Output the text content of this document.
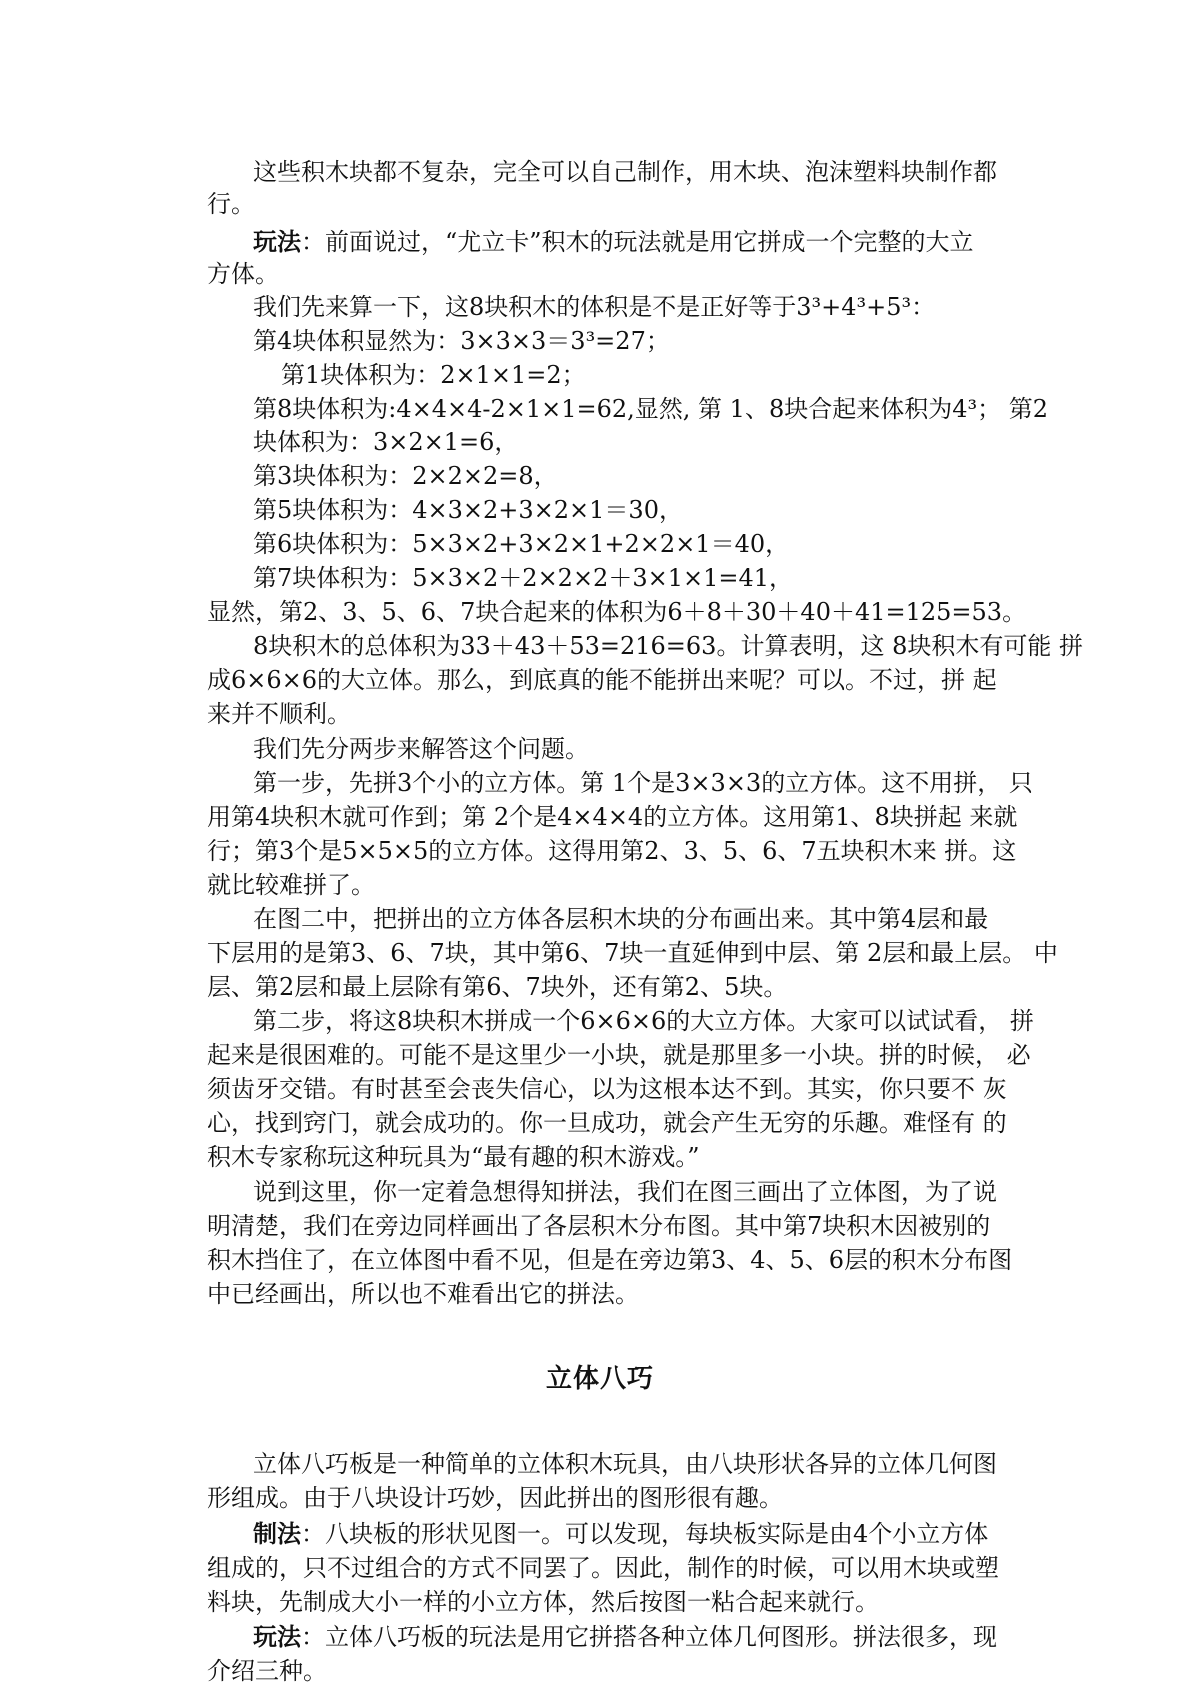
这些积木块都不复杂，完全可以自己制作，用木块、泡沫塑料块制作都
行。
玩法：前面说过，“尤立卡”积木的玩法就是用它拼成一个完整的大立
方体。
我们先来算一下，这8块积木的体积是不是正好等于3³+4³+5³：
第4块体积显然为：3×3×3＝3³=27；
第1块体积为：2×1×1=2；
第8块体积为:4×4×4-2×1×1=62,显然, 第 1、8块合起来体积为4³； 第2
块体积为：3×2×1=6，
第3块体积为：2×2×2=8，
第5块体积为：4×3×2+3×2×1＝30，
第6块体积为：5×3×2+3×2×1+2×2×1＝40，
第7块体积为：5×3×2＋2×2×2＋3×1×1=41，
显然，第2、3、5、6、7块合起来的体积为6＋8＋30＋40＋41=125=53。
8块积木的总体积为33＋43＋53=216=63。计算表明，这 8块积木有可能 拼
成6×6×6的大立体。那么，到底真的能不能拼出来呢？可以。不过，拼 起
来并不顺利。
我们先分两步来解答这个问题。
第一步，先拼3个小的立方体。第 1个是3×3×3的立方体。这不用拼， 只
用第4块积木就可作到；第 2个是4×4×4的立方体。这用第1、8块拼起 来就
行；第3个是5×5×5的立方体。这得用第2、3、5、6、7五块积木来 拼。这
就比较难拼了。
在图二中，把拼出的立方体各层积木块的分布画出来。其中第4层和最
下层用的是第3、6、7块，其中第6、7块一直延伸到中层、第 2层和最上层。 中
层、第2层和最上层除有第6、7块外，还有第2、5块。
第二步，将这8块积木拼成一个6×6×6的大立方体。大家可以试试看， 拼
起来是很困难的。可能不是这里少一小块，就是那里多一小块。拼的时候， 必
须齿牙交错。有时甚至会丧失信心，以为这根本达不到。其实，你只要不 灰
心，找到窍门，就会成功的。你一旦成功，就会产生无穷的乐趣。难怪有 的
积木专家称玩这种玩具为“最有趣的积木游戏。”
说到这里，你一定着急想得知拼法，我们在图三画出了立体图，为了说
明清楚，我们在旁边同样画出了各层积木分布图。其中第7块积木因被别的
积木挡住了，在立体图中看不见，但是在旁边第3、4、5、6层的积木分布图
中已经画出，所以也不难看出它的拼法。
立体八巧
立体八巧板是一种简单的立体积木玩具，由八块形状各异的立体几何图
形组成。由于八块设计巧妙，因此拼出的图形很有趣。
制法：八块板的形状见图一。可以发现，每块板实际是由4个小立方体
组成的，只不过组合的方式不同罢了。因此，制作的时候，可以用木块或塑
料块，先制成大小一样的小立方体，然后按图一粘合起来就行。
玩法：立体八巧板的玩法是用它拼搭各种立体几何图形。拼法很多，现
介绍三种。
